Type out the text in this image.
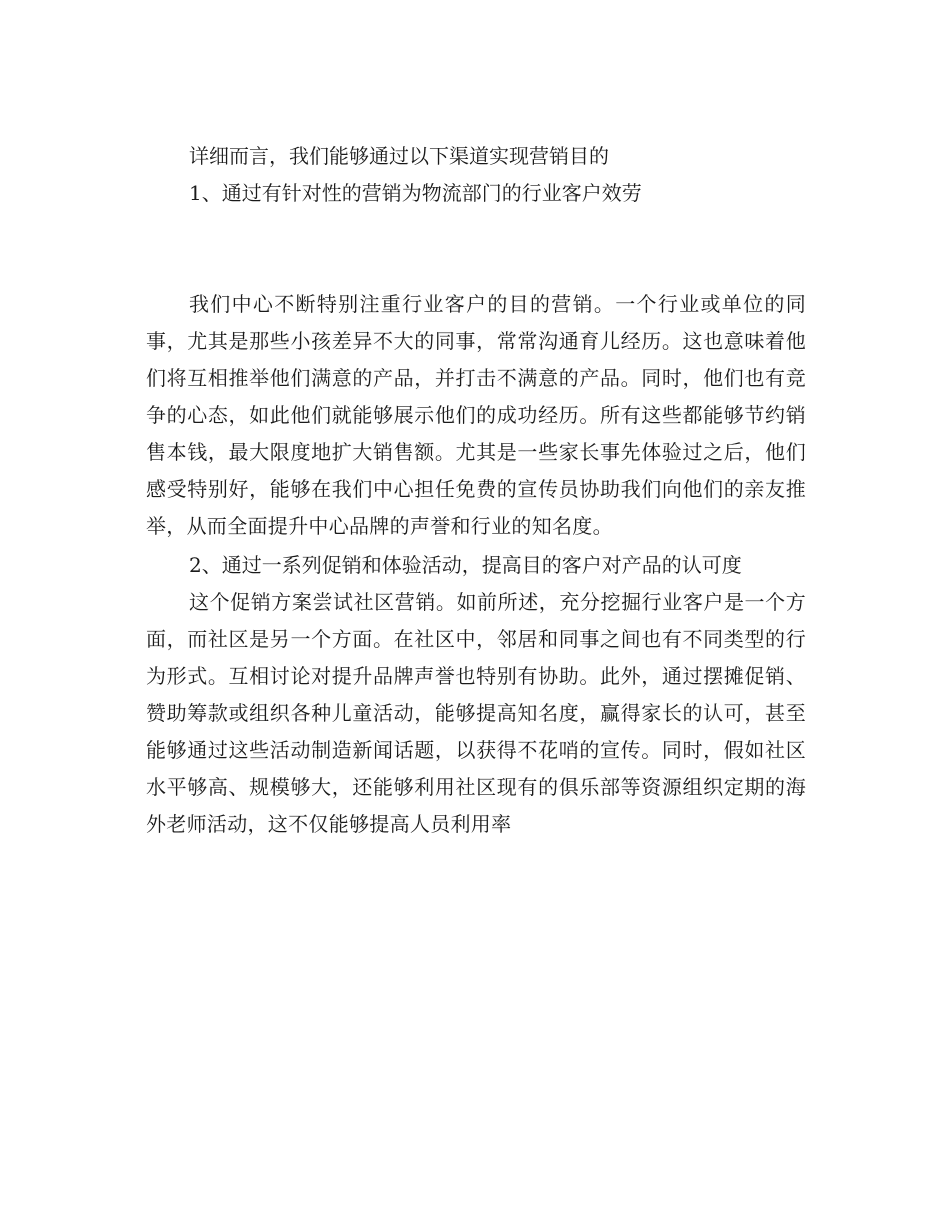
详细而言，我们能够通过以下渠道实现营销目的

1、通过有针对性的营销为物流部门的行业客户效劳

我们中心不断特别注重行业客户的目的营销。一个行业或单位的同事，尤其是那些小孩差异不大的同事，常常沟通育儿经历。这也意味着他们将互相推举他们满意的产品，并打击不满意的产品。同时，他们也有竞争的心态，如此他们就能够展示他们的成功经历。所有这些都能够节约销售本钱，最大限度地扩大销售额。尤其是一些家长事先体验过之后，他们感受特别好，能够在我们中心担任免费的宣传员协助我们向他们的亲友推举，从而全面提升中心品牌的声誉和行业的知名度。

2、通过一系列促销和体验活动，提高目的客户对产品的认可度

这个促销方案尝试社区营销。如前所述，充分挖掘行业客户是一个方面，而社区是另一个方面。在社区中，邻居和同事之间也有不同类型的行为形式。互相讨论对提升品牌声誉也特别有协助。此外，通过摆摊促销、赞助筹款或组织各种儿童活动，能够提高知名度，赢得家长的认可，甚至能够通过这些活动制造新闻话题，以获得不花哨的宣传。同时，假如社区水平够高、规模够大，还能够利用社区现有的俱乐部等资源组织定期的海外老师活动，这不仅能够提高人员利用率
